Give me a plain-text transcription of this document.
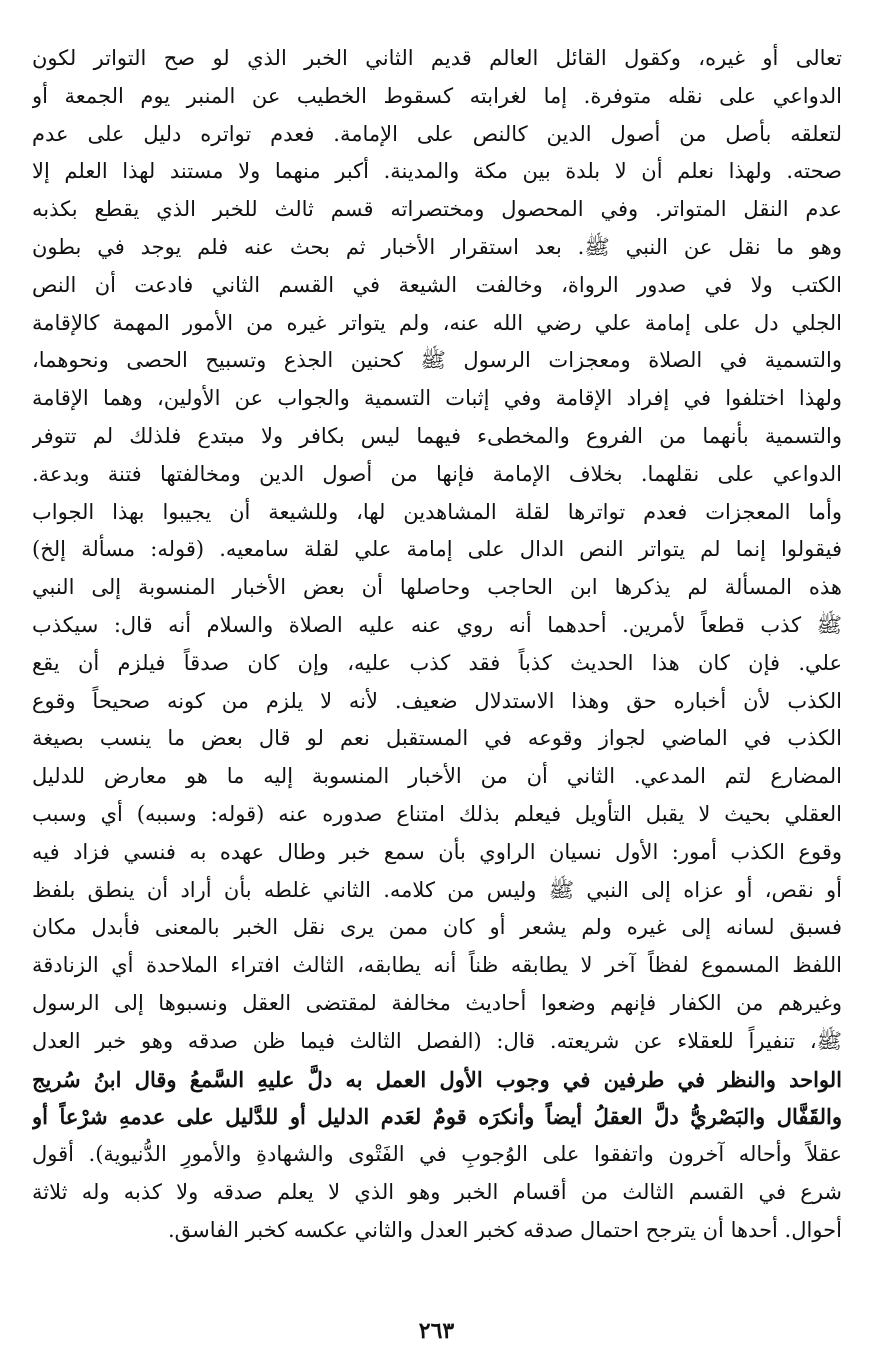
تعالى أو غيره، وكقول القائل العالم قديم الثاني الخبر الذي لو صح التواتر لكون
الدواعي على نقله متوفرة. إما لغرابته كسقوط الخطيب عن المنبر يوم الجمعة أو
لتعلقه بأصل من أصول الدين كالنص على الإمامة. فعدم تواتره دليل على عدم
صحته. ولهذا نعلم أن لا بلدة بين مكة والمدينة. أكبر منهما ولا مستند لهذا العلم إلا
عدم النقل المتواتر. وفي المحصول ومختصراته قسم ثالث للخبر الذي يقطع بكذبه
وهو ما نقل عن النبي ﷺ. بعد استقرار الأخبار ثم بحث عنه فلم يوجد في بطون
الكتب ولا في صدور الرواة، وخالفت الشيعة في القسم الثاني فادعت أن النص
الجلي دل على إمامة علي رضي الله عنه، ولم يتواتر غيره من الأمور المهمة كالإقامة
والتسمية في الصلاة ومعجزات الرسول ﷺ كحنين الجذع وتسبيح الحصى ونحوهما،
ولهذا اختلفوا في إفراد الإقامة وفي إثبات التسمية والجواب عن الأولين، وهما الإقامة
والتسمية بأنهما من الفروع والمخطىء فيهما ليس بكافر ولا مبتدع فلذلك لم تتوفر
الدواعي على نقلهما. بخلاف الإمامة فإنها من أصول الدين ومخالفتها فتنة وبدعة.
وأما المعجزات فعدم تواترها لقلة المشاهدين لها، وللشيعة أن يجيبوا بهذا الجواب
فيقولوا إنما لم يتواتر النص الدال على إمامة علي لقلة سامعيه. (قوله: مسألة إلخ)
هذه المسألة لم يذكرها ابن الحاجب وحاصلها أن بعض الأخبار المنسوبة إلى النبي
ﷺ كذب قطعاً لأمرين. أحدهما أنه روي عنه عليه الصلاة والسلام أنه قال: سيكذب
علي. فإن كان هذا الحديث كذباً فقد كذب عليه، وإن كان صدقاً فيلزم أن يقع
الكذب لأن أخباره حق وهذا الاستدلال ضعيف. لأنه لا يلزم من كونه صحيحاً وقوع
الكذب في الماضي لجواز وقوعه في المستقبل نعم لو قال بعض ما ينسب بصيغة
المضارع لتم المدعي. الثاني أن من الأخبار المنسوبة إليه ما هو معارض للدليل
العقلي بحيث لا يقبل التأويل فيعلم بذلك امتناع صدوره عنه (قوله: وسببه) أي وسبب
وقوع الكذب أمور: الأول نسيان الراوي بأن سمع خبر وطال عهده به فنسي فزاد فيه
أو نقص، أو عزاه إلى النبي ﷺ وليس من كلامه. الثاني غلطه بأن أراد أن ينطق بلفظ
فسبق لسانه إلى غيره ولم يشعر أو كان ممن يرى نقل الخبر بالمعنى فأبدل مكان
اللفظ المسموع لفظاً آخر لا يطابقه ظناً أنه يطابقه، الثالث افتراء الملاحدة أي الزنادقة
وغيرهم من الكفار فإنهم وضعوا أحاديث مخالفة لمقتضى العقل ونسبوها إلى الرسول
ﷺ، تنفيراً للعقلاء عن شريعته. قال: (الفصل الثالث فيما ظن صدقه وهو خبر العدل
الواحد والنظر في طرفين في وجوب الأول العمل به دلَّ عليهِ السَّمعُ وقال ابنُ سُريج
والقَفَّال والبَصْريُّ دلَّ العقلُ أيضاً وأنكرَه قومٌ لعَدم الدليل أو للدَّليل على عدمهِ شرْعاً أو
عقلاً وأحاله آخرون واتفقوا على الوُجوبِ في الفَتْوى والشهادةِ والأمورِ الدُّنيوية). أقول
شرع في القسم الثالث من أقسام الخبر وهو الذي لا يعلم صدقه ولا كذبه وله ثلاثة
أحوال. أحدها أن يترجح احتمال صدقه كخبر العدل والثاني عكسه كخبر الفاسق.
٢٦٣
